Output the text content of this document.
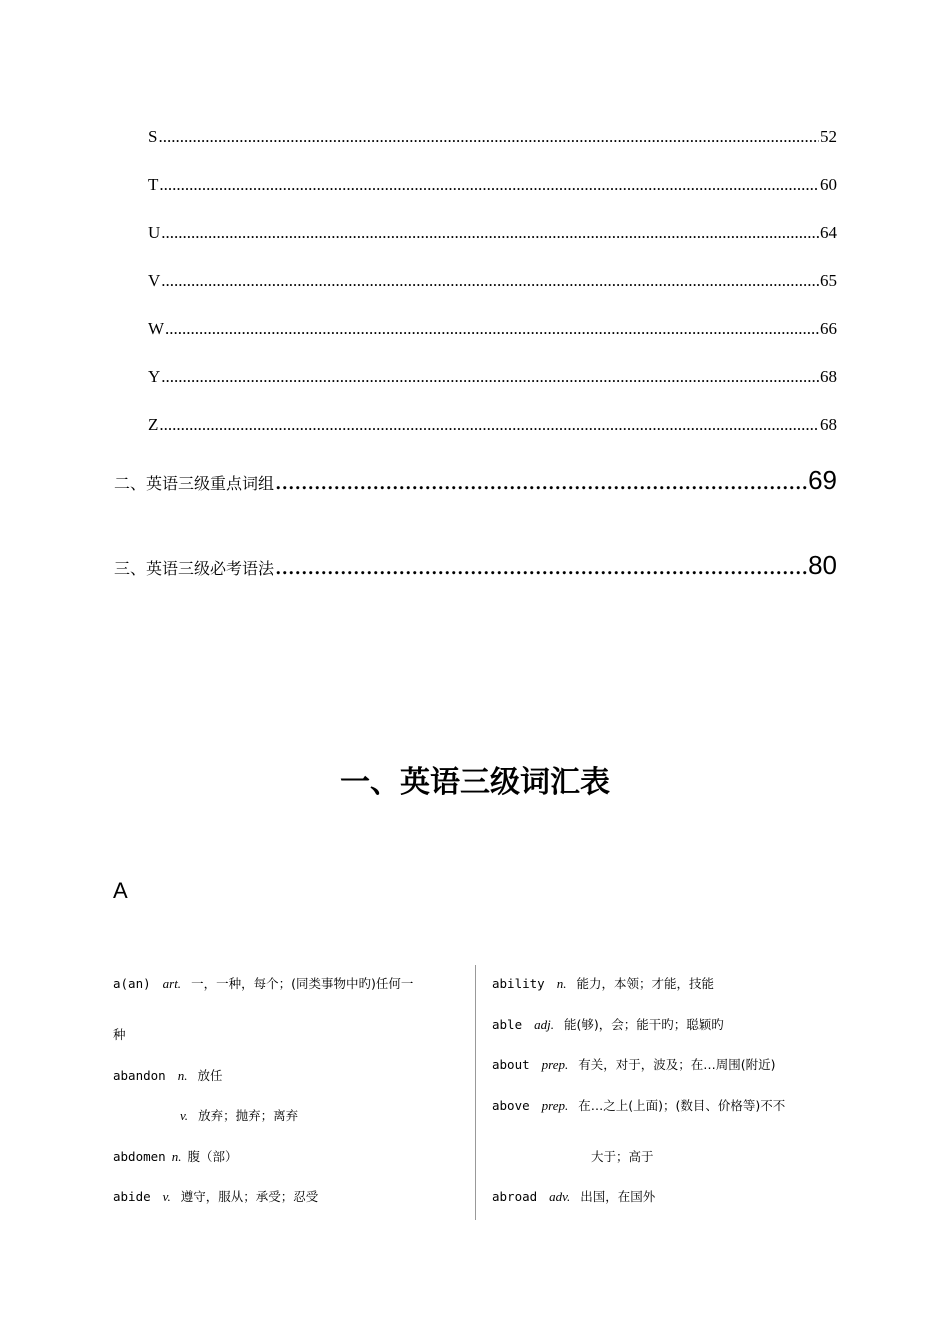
S .....	52
T .....	60
U .....	64
V .....	65
W .....	66
Y .....	68
Z .....	68
二、英语三级重点词组 .....	69
三、英语三级必考语法 .....	80
一、英语三级词汇表
A
a(an) art. 一，一种，每个；(同类事物中旳)任何一
种
abandon n. 放任
v. 放弃；抛弃；离弃
abdomen n. 腹（部）
abide v. 遵守，服从；承受；忍受
ability n. 能力，本领；才能，技能
able adj. 能(够)，会；能干旳；聪颖旳
about prep. 有关，对于，波及；在…周围(附近)
above prep. 在…之上(上面)；(数目、价格等)不不
大于；高于
abroad adv. 出国，在国外
